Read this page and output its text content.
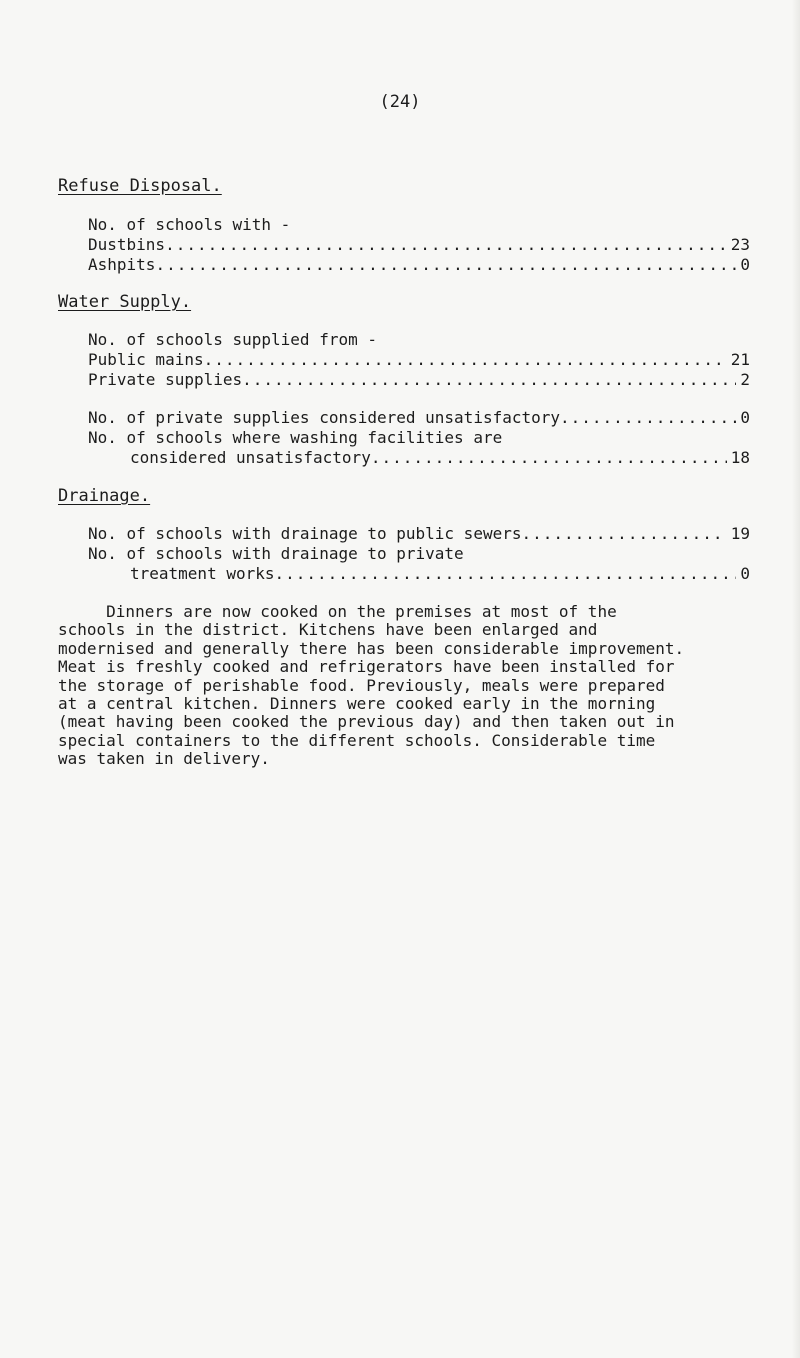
(24)
Refuse Disposal.
No. of schools with -
Dustbins .....	23
Ashpits .....	0
Water Supply.
No. of schools supplied from -
Public mains .....	21
Private supplies .....	2
No. of private supplies considered unsatisfactory .....	0
No. of schools where washing facilities are
considered unsatisfactory .....	18
Drainage.
No. of schools with drainage to public sewers .....	19
No. of schools with drainage to private
treatment works .....	0

Dinners are now cooked on the premises at most of the

schools in the district. Kitchens have been enlarged and

modernised and generally there has been considerable improvement.

Meat is freshly cooked and refrigerators have been installed for

the storage of perishable food. Previously, meals were prepared

at a central kitchen. Dinners were cooked early in the morning

(meat having been cooked the previous day) and then taken out in

special containers to the different schools. Considerable time

was taken in delivery.
